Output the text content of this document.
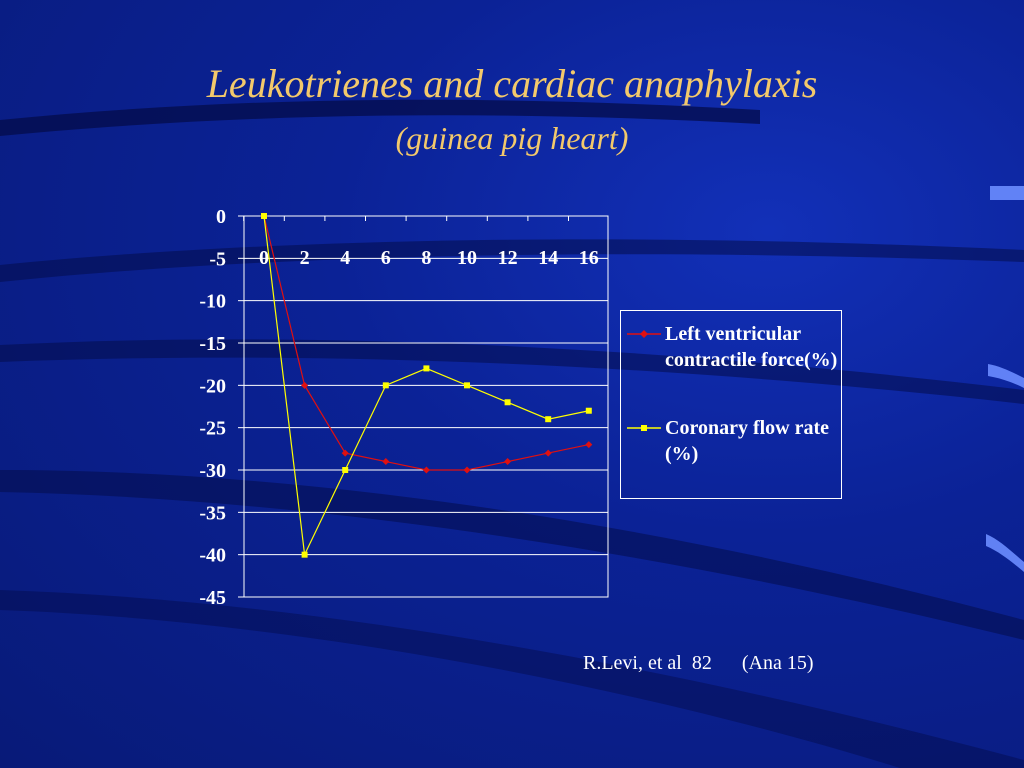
Leukotrienes and cardiac anaphylaxis
(guinea pig heart)
0
-5
-10
-15
-20
-25
-30
-35
-40
-45
0 2 4 6 8 10 12 14 16
Left ventricular contractile force(%)
Coronary flow rate (%)
R.Levi, et al  82      (Ana 15)
